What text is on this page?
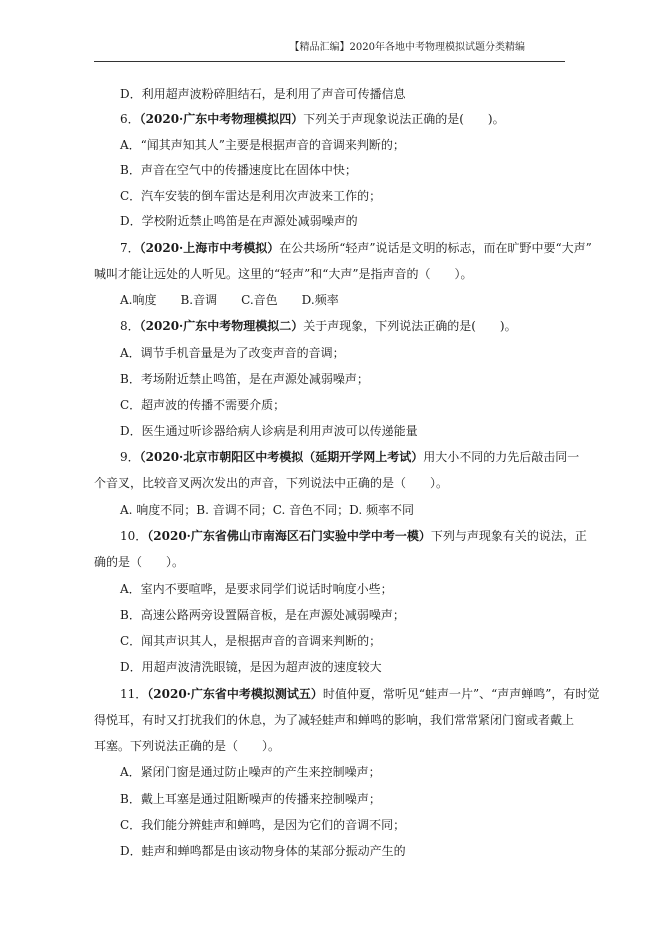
【精品汇编】2020年各地中考物理模拟试题分类精编
D．利用超声波粉碎胆结石，是利用了声音可传播信息
6．（2020·广东中考物理模拟四）下列关于声现象说法正确的是(　　)。
A．“闻其声知其人”主要是根据声音的音调来判断的；
B．声音在空气中的传播速度比在固体中快；
C．汽车安装的倒车雷达是利用次声波来工作的；
D．学校附近禁止鸣笛是在声源处减弱噪声的
7．（2020·上海市中考模拟）在公共场所“轻声”说话是文明的标志，而在旷野中要“大声”
喊叫才能让远处的人听见。这里的“轻声”和“大声”是指声音的（　　）。
A.响度　　B.音调　　C.音色　　D.频率
8．（2020·广东中考物理模拟二）关于声现象，下列说法正确的是(　　)。
A．调节手机音量是为了改变声音的音调；
B．考场附近禁止鸣笛，是在声源处减弱噪声；
C．超声波的传播不需要介质；
D．医生通过听诊器给病人诊病是利用声波可以传递能量
9．（2020·北京市朝阳区中考模拟（延期开学网上考试）用大小不同的力先后敲击同一
个音叉，比较音叉两次发出的声音，下列说法中正确的是（　　）。
A. 响度不同；B. 音调不同；C. 音色不同；D. 频率不同
10．（2020·广东省佛山市南海区石门实验中学中考一模）下列与声现象有关的说法，正
确的是（　　）。
A．室内不要喧哗，是要求同学们说话时响度小些；
B．高速公路两旁设置隔音板，是在声源处减弱噪声；
C．闻其声识其人，是根据声音的音调来判断的；
D．用超声波清洗眼镜，是因为超声波的速度较大
11．（2020·广东省中考模拟测试五）时值仲夏，常听见“蛙声一片”、“声声蝉鸣”，有时觉
得悦耳，有时又打扰我们的休息，为了减轻蛙声和蝉鸣的影响，我们常常紧闭门窗或者戴上
耳塞。下列说法正确的是（　　）。
A．紧闭门窗是通过防止噪声的产生来控制噪声；
B．戴上耳塞是通过阻断噪声的传播来控制噪声；
C．我们能分辨蛙声和蝉鸣，是因为它们的音调不同；
D．蛙声和蝉鸣都是由该动物身体的某部分振动产生的
